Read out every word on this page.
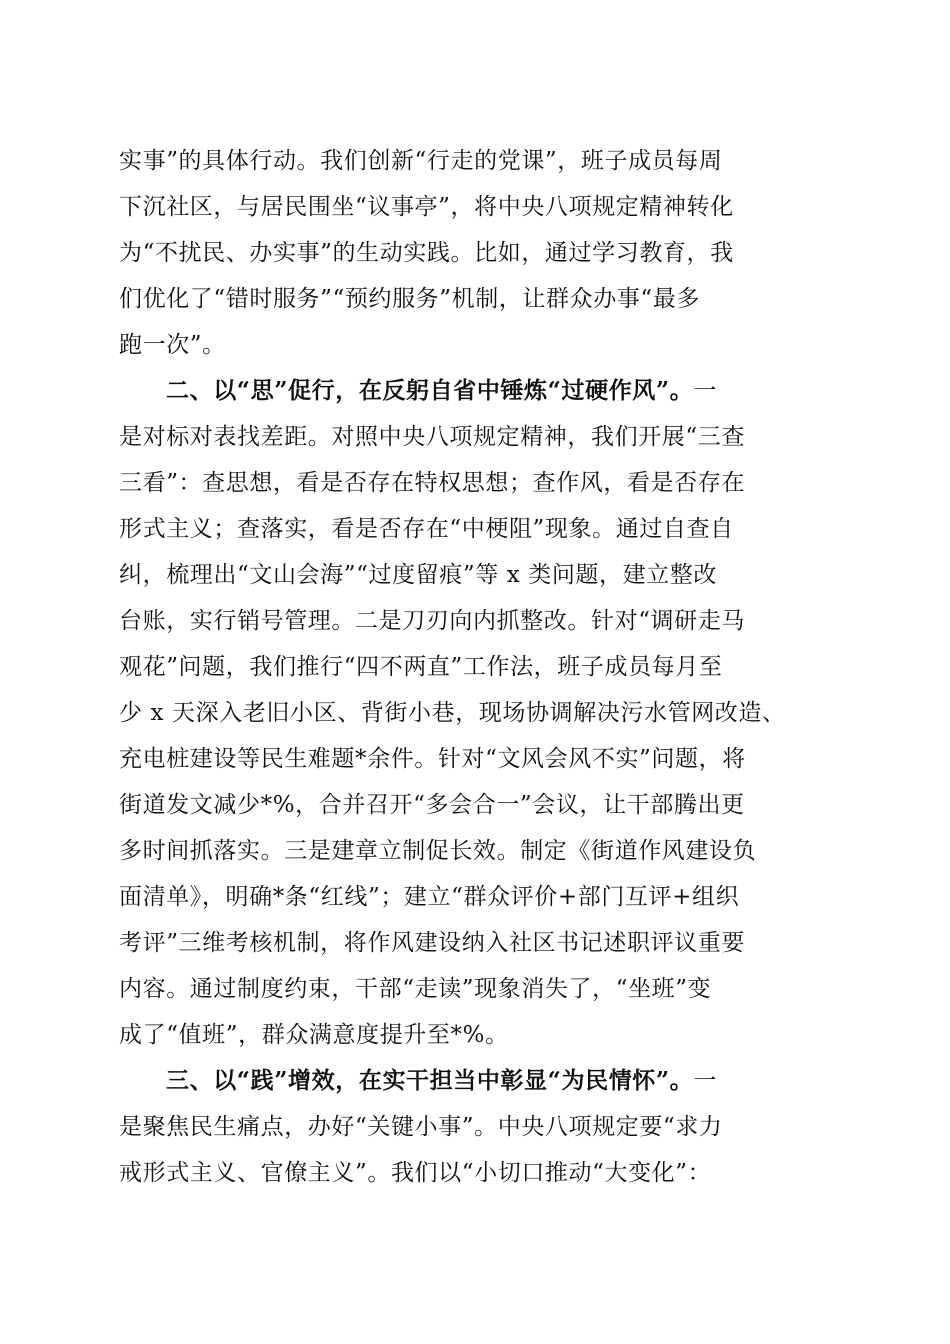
实事”的具体行动。我们创新“行走的党课”，班子成员每周
下沉社区，与居民围坐“议事亭”，将中央八项规定精神转化
为“不扰民、办实事”的生动实践。比如，通过学习教育，我
们优化了“错时服务”“预约服务”机制，让群众办事“最多
跑一次”。
二、以“思”促行，在反躬自省中锤炼“过硬作风”。一
是对标对表找差距。对照中央八项规定精神，我们开展“三查
三看”：查思想，看是否存在特权思想；查作风，看是否存在
形式主义；查落实，看是否存在“中梗阻”现象。通过自查自
纠，梳理出“文山会海”“过度留痕”等 x 类问题，建立整改
台账，实行销号管理。二是刀刃向内抓整改。针对“调研走马
观花”问题，我们推行“四不两直”工作法，班子成员每月至
少 x 天深入老旧小区、背街小巷，现场协调解决污水管网改造、
充电桩建设等民生难题*余件。针对“文风会风不实”问题，将
街道发文减少*%，合并召开“多会合一”会议，让干部腾出更
多时间抓落实。三是建章立制促长效。制定《街道作风建设负
面清单》，明确*条“红线”；建立“群众评价+部门互评+组织
考评”三维考核机制，将作风建设纳入社区书记述职评议重要
内容。通过制度约束，干部“走读”现象消失了，“坐班”变
成了“值班”，群众满意度提升至*%。
三、以“践”增效，在实干担当中彰显“为民情怀”。一
是聚焦民生痛点，办好“关键小事”。中央八项规定要“求力
戒形式主义、官僚主义”。我们以“小切口推动“大变化”：
